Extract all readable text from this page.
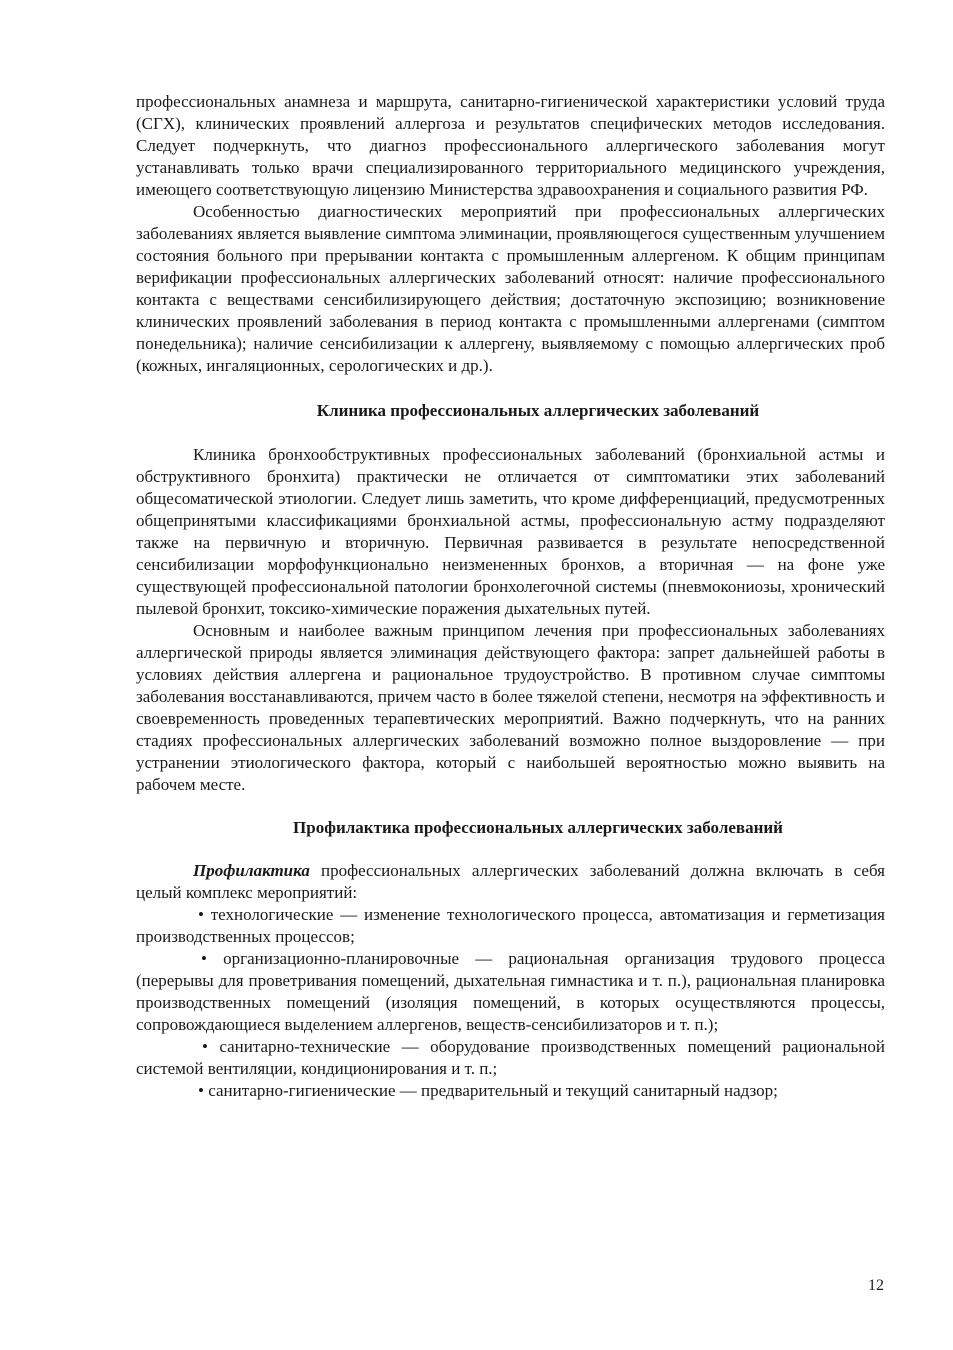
профессиональных анамнеза и маршрута, санитарно-гигиенической характеристики условий труда (СГХ), клинических проявлений аллергоза и результатов специфических методов исследования. Следует подчеркнуть, что диагноз профессионального аллергического заболевания могут устанавливать только врачи специализированного территориального медицинского учреждения, имеющего соответствующую лицензию Министерства здравоохранения и социального развития РФ.

Особенностью диагностических мероприятий при профессиональных аллергических заболеваниях является выявление симптома элиминации, проявляющегося существенным улучшением состояния больного при прерывании контакта с промышленным аллергеном. К общим принципам верификации профессиональных аллергических заболеваний относят: наличие профессионального контакта с веществами сенсибилизирующего действия; достаточную экспозицию; возникновение клинических проявлений заболевания в период контакта с промышленными аллергенами (симптом понедельника); наличие сенсибилизации к аллергену, выявляемому с помощью аллергических проб (кожных, ингаляционных, серологических и др.).

Клиника профессиональных аллергических заболеваний

Клиника бронхообструктивных профессиональных заболеваний (бронхиальной астмы и обструктивного бронхита) практически не отличается от симптоматики этих заболеваний общесоматической этиологии. Следует лишь заметить, что кроме дифференциаций, предусмотренных общепринятыми классификациями бронхиальной астмы, профессиональную астму подразделяют также на первичную и вторичную. Первичная развивается в результате непосредственной сенсибилизации морфофункционально неизмененных бронхов, а вторичная — на фоне уже существующей профессиональной патологии бронхолегочной системы (пневмокониозы, хронический пылевой бронхит, токсико-химические поражения дыхательных путей.

Основным и наиболее важным принципом лечения при профессиональных заболеваниях аллергической природы является элиминация действующего фактора: запрет дальнейшей работы в условиях действия аллергена и рациональное трудоустройство. В противном случае симптомы заболевания восстанавливаются, причем часто в более тяжелой степени, несмотря на эффективность и своевременность проведенных терапевтических мероприятий. Важно подчеркнуть, что на ранних стадиях профессиональных аллергических заболеваний возможно полное выздоровление — при устранении этиологического фактора, который с наибольшей вероятностью можно выявить на рабочем месте.

Профилактика профессиональных аллергических заболеваний

Профилактика профессиональных аллергических заболеваний должна включать в себя целый комплекс мероприятий:

• технологические — изменение технологического процесса, автоматизация и герметизация производственных процессов;

• организационно-планировочные — рациональная организация трудового процесса (перерывы для проветривания помещений, дыхательная гимнастика и т. п.), рациональная планировка производственных помещений (изоляция помещений, в которых осуществляются процессы, сопровождающиеся выделением аллергенов, веществ-сенсибилизаторов и т. п.);

• санитарно-технические — оборудование производственных помещений рациональной системой вентиляции, кондиционирования и т. п.;

• санитарно-гигиенические — предварительный и текущий санитарный надзор;

12
